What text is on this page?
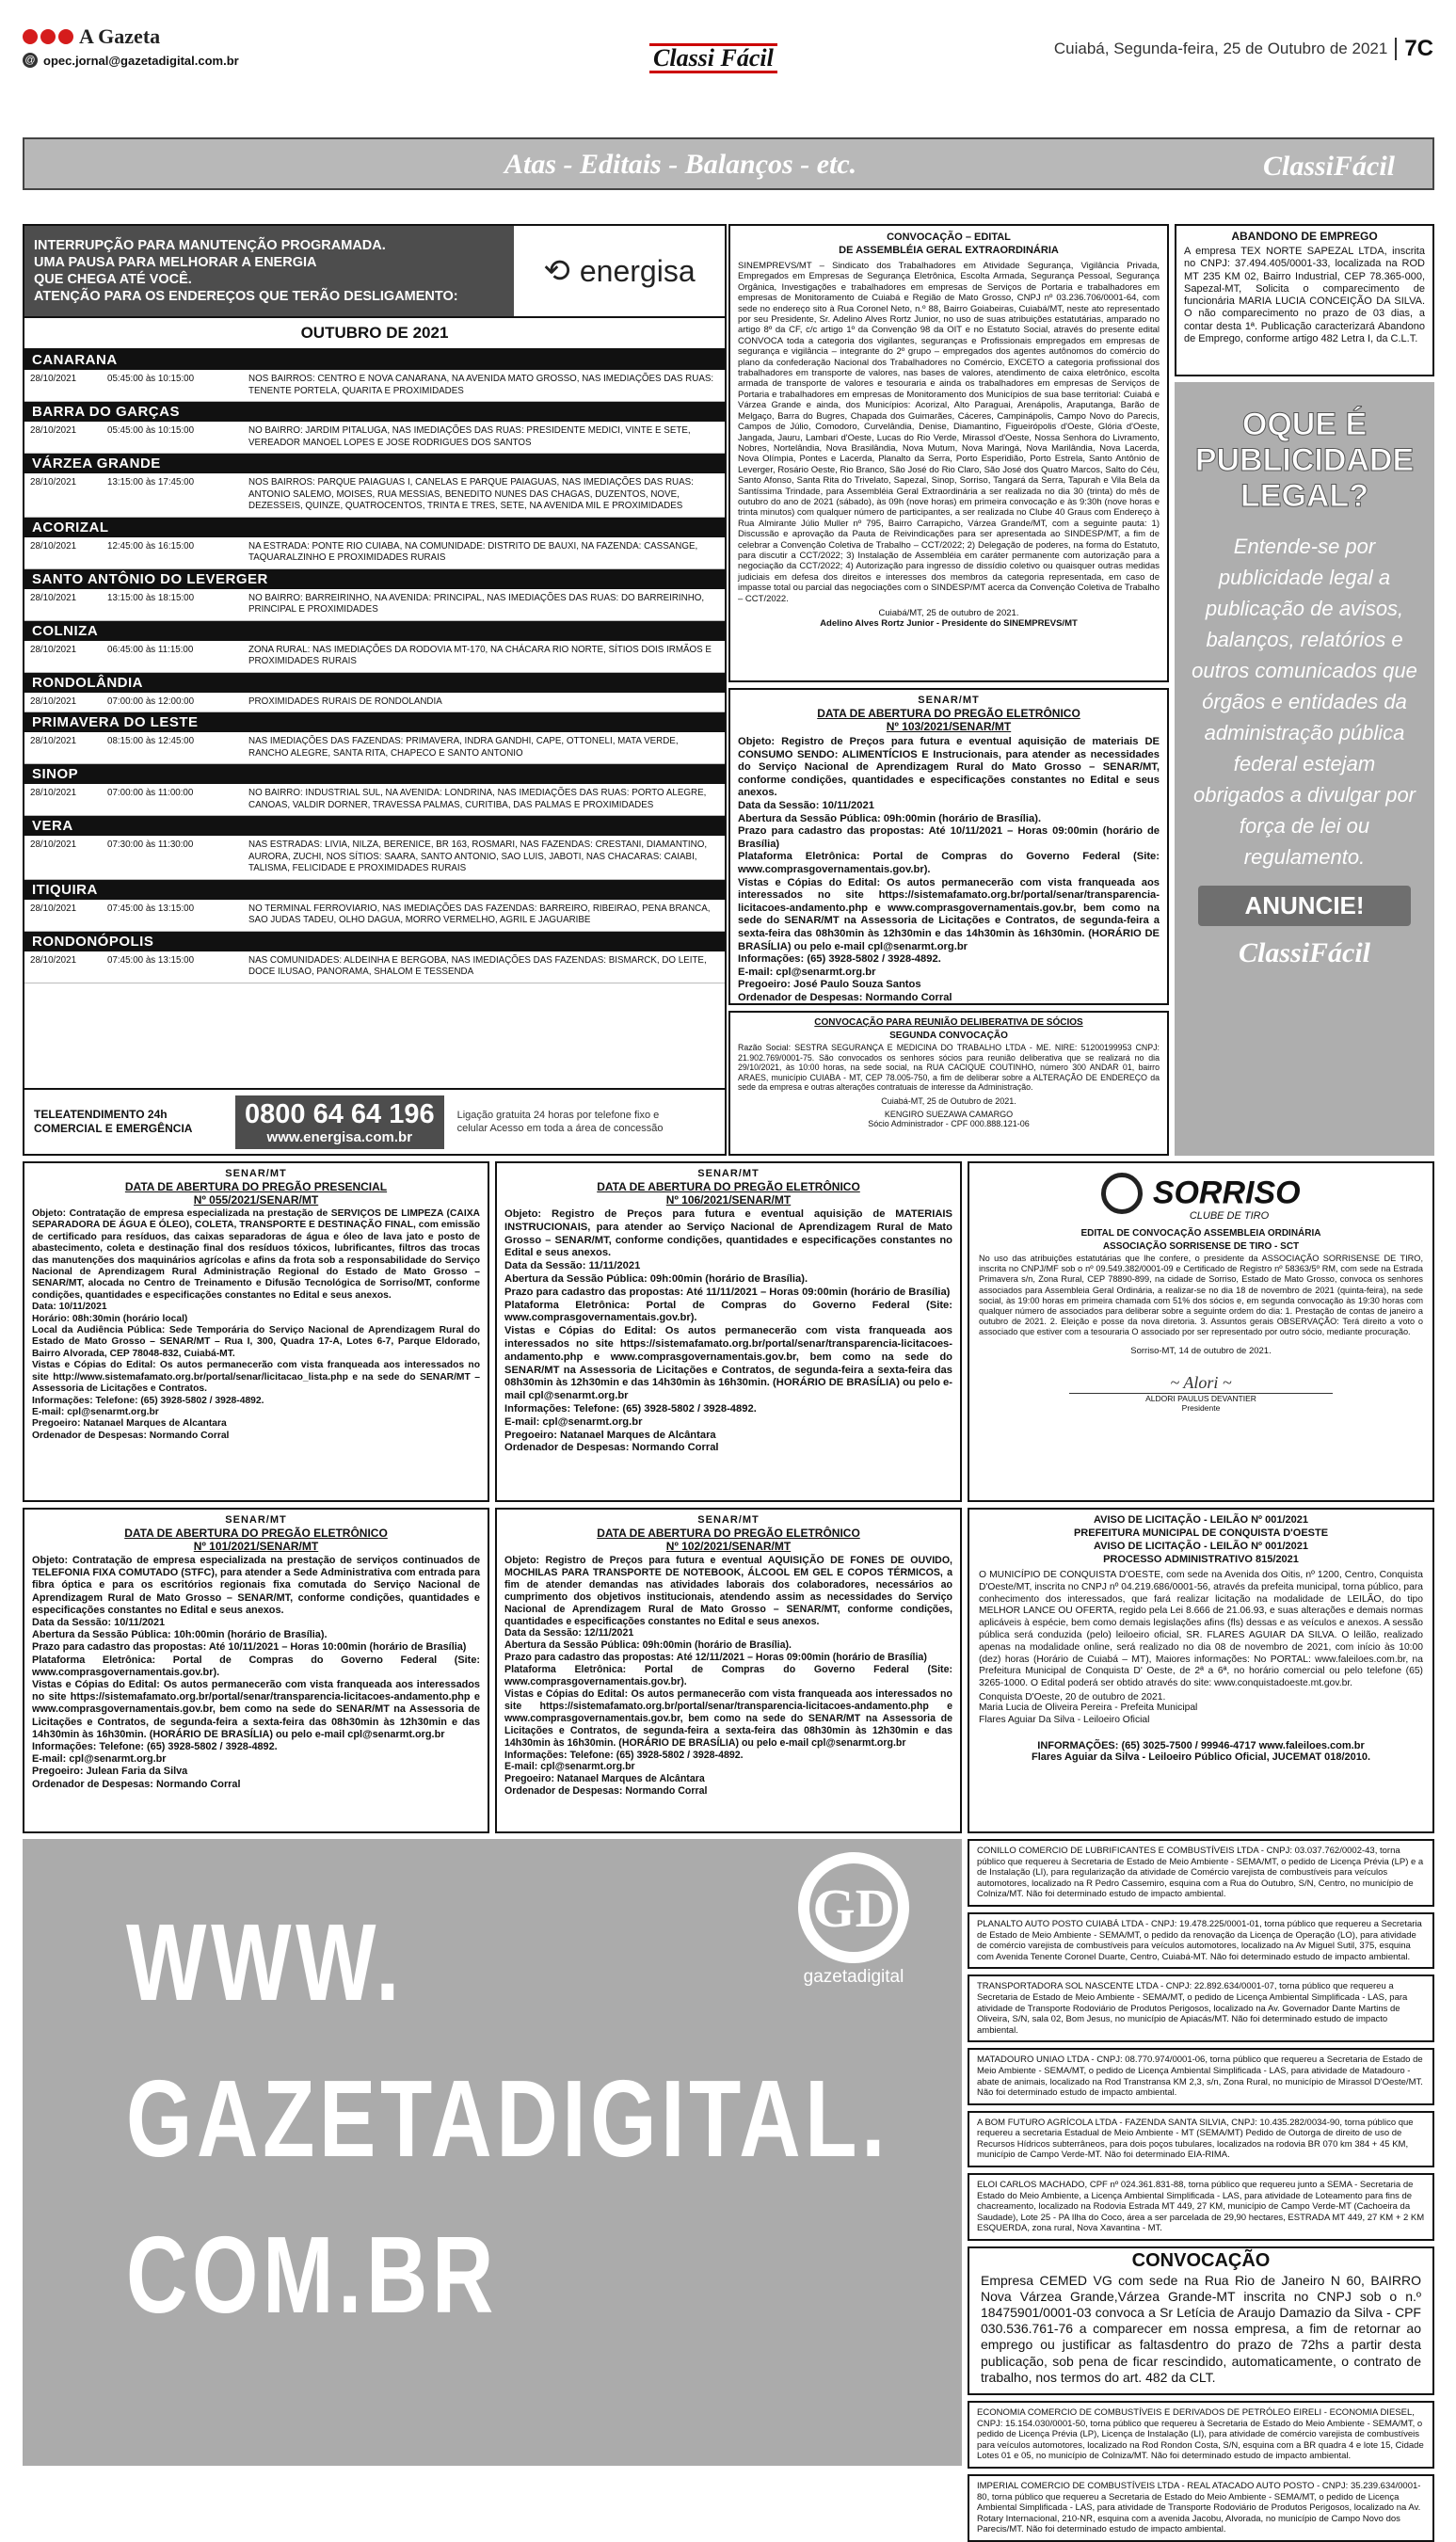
A Gazeta
@ opec.jornal@gazetadigital.com.br	Classi Fácil	Cuiabá, Segunda-feira, 25 de Outubro de 2021 7C
Atas - Editais - Balanços - etc.	ClassiFácil
INTERRUPÇÃO PARA MANUTENÇÃO PROGRAMADA.
UMA PAUSA PARA MELHORAR A ENERGIA
QUE CHEGA ATÉ VOCÊ.
ATENÇÃO PARA OS ENDEREÇOS QUE TERÃO DESLIGAMENTO:
⟲ energisa
OUTUBRO DE 2021
CANARANA
28/10/2021	05:45:00 às 10:15:00	NOS BAIRROS: CENTRO E NOVA CANARANA, NA AVENIDA MATO GROSSO, NAS IMEDIAÇÕES DAS RUAS: TENENTE PORTELA, QUARITA E PROXIMIDADES
BARRA DO GARÇAS
28/10/2021	05:45:00 às 10:15:00	NO BAIRRO: JARDIM PITALUGA, NAS IMEDIAÇÕES DAS RUAS: PRESIDENTE MEDICI, VINTE E SETE, VEREADOR MANOEL LOPES E JOSE RODRIGUES DOS SANTOS
VÁRZEA GRANDE
28/10/2021	13:15:00 às 17:45:00	NOS BAIRROS: PARQUE PAIAGUAS I, CANELAS E PARQUE PAIAGUAS, NAS IMEDIAÇÕES DAS RUAS: ANTONIO SALEMO, MOISES, RUA MESSIAS, BENEDITO NUNES DAS CHAGAS, DUZENTOS, NOVE, DEZESSEIS, QUINZE, QUATROCENTOS, TRINTA E TRES, SETE, NA AVENIDA MIL E PROXIMIDADES
ACORIZAL
28/10/2021	12:45:00 às 16:15:00	NA ESTRADA: PONTE RIO CUIABA, NA COMUNIDADE: DISTRITO DE BAUXI, NA FAZENDA: CASSANGE, TAQUARALZINHO E PROXIMIDADES RURAIS
SANTO ANTÔNIO DO LEVERGER
28/10/2021	13:15:00 às 18:15:00	NO BAIRRO: BARREIRINHO, NA AVENIDA: PRINCIPAL, NAS IMEDIAÇÕES DAS RUAS: DO BARREIRINHO, PRINCIPAL E PROXIMIDADES
COLNIZA
28/10/2021	06:45:00 às 11:15:00	ZONA RURAL: NAS IMEDIAÇÕES DA RODOVIA MT-170, NA CHÁCARA RIO NORTE, SÍTIOS DOIS IRMÃOS E PROXIMIDADES RURAIS
RONDOLÂNDIA
28/10/2021	07:00:00 às 12:00:00	PROXIMIDADES RURAIS DE RONDOLANDIA
PRIMAVERA DO LESTE
28/10/2021	08:15:00 às 12:45:00	NAS IMEDIAÇÕES DAS FAZENDAS: PRIMAVERA, INDRA GANDHI, CAPE, OTTONELI, MATA VERDE, RANCHO ALEGRE, SANTA RITA, CHAPECO E SANTO ANTONIO
SINOP
28/10/2021	07:00:00 às 11:00:00	NO BAIRRO: INDUSTRIAL SUL, NA AVENIDA: LONDRINA, NAS IMEDIAÇÕES DAS RUAS: PORTO ALEGRE, CANOAS, VALDIR DORNER, TRAVESSA PALMAS, CURITIBA, DAS PALMAS E PROXIMIDADES
VERA
28/10/2021	07:30:00 às 11:30:00	NAS ESTRADAS: LIVIA, NILZA, BERENICE, BR 163, ROSMARI, NAS FAZENDAS: CRESTANI, DIAMANTINO, AURORA, ZUCHI, NOS SÍTIOS: SAARA, SANTO ANTONIO, SAO LUIS, JABOTI, NAS CHACARAS: CAIABI, TALISMA, FELICIDADE E PROXIMIDADES RURAIS
ITIQUIRA
28/10/2021	07:45:00 às 13:15:00	NO TERMINAL FERROVIARIO, NAS IMEDIAÇÕES DAS FAZENDAS: BARREIRO, RIBEIRAO, PENA BRANCA, SAO JUDAS TADEU, OLHO DAGUA, MORRO VERMELHO, AGRIL E JAGUARIBE
RONDONÓPOLIS
28/10/2021	07:45:00 às 13:15:00	NAS COMUNIDADES: ALDEINHA E BERGOBA, NAS IMEDIAÇÕES DAS FAZENDAS: BISMARCK, DO LEITE, DOCE ILUSAO, PANORAMA, SHALOM E TESSENDA
TELEATENDIMENTO 24h COMERCIAL E EMERGÊNCIA	0800 64 64 196
www.energisa.com.br
Ligação gratuita 24 horas por telefone fixo e celular Acesso em toda a área de concessão
CONVOCAÇÃO – EDITAL
DE ASSEMBLÉIA GERAL EXTRAORDINÁRIA

SINEMPREVS/MT – Sindicato dos Trabalhadores em Atividade Segurança, Vigilância Privada, Empregados em Empresas de Segurança Eletrônica, Escolta Armada, Segurança Pessoal, Segurança Orgânica, Investigações e trabalhadores em empresas de Serviços de Portaria e trabalhadores em empresas de Monitoramento de Cuiabá e Região de Mato Grosso, CNPJ nº 03.236.706/0001-64, com sede no endereço sito à Rua Coronel Neto, n.º 88, Bairro Goiabeiras, Cuiabá/MT, neste ato representado por seu Presidente, Sr. Adelino Alves Rortz Junior, no uso de suas atribuições estatutárias, amparado no artigo 8º da CF, c/c artigo 1º da Convenção 98 da OIT e no Estatuto Social, através do presente edital CONVOCA toda a categoria dos vigilantes, seguranças e Profissionais empregados em empresas de segurança e vigilância – integrante do 2º grupo – empregados dos agentes autônomos do comércio do plano da confederação Nacional dos Trabalhadores no Comércio, EXCETO a categoria profissional dos trabalhadores em transporte de valores, nas bases de valores, atendimento de caixa eletrônico, escolta armada de transporte de valores e tesouraria e ainda os trabalhadores em empresas de Serviços de Portaria e trabalhadores em empresas de Monitoramento dos Municípios de sua base territorial: Cuiabá e Várzea Grande e ainda, dos Municípios: Acorizal, Alto Paraguai, Arenápolis, Araputanga, Barão de Melgaço, Barra do Bugres, Chapada dos Guimarães, Cáceres, Campinápolis, Campo Novo do Parecis, Campos de Júlio, Comodoro, Curvelândia, Denise, Diamantino, Figueirópolis d'Oeste, Glória d'Oeste, Jangada, Jauru, Lambari d'Oeste, Lucas do Rio Verde, Mirassol d'Oeste, Nossa Senhora do Livramento, Nobres, Nortelândia, Nova Brasilândia, Nova Mutum, Nova Maringá, Nova Marilândia, Nova Lacerda, Nova Olímpia, Pontes e Lacerda, Planalto da Serra, Porto Esperidião, Porto Estrela, Santo Antônio de Leverger, Rosário Oeste, Rio Branco, São José do Rio Claro, São José dos Quatro Marcos, Salto do Céu, Santo Afonso, Santa Rita do Trivelato, Sapezal, Sinop, Sorriso, Tangará da Serra, Tapurah e Vila Bela da Santíssima Trindade, para Assembléia Geral Extraordinária a ser realizada no dia 30 (trinta) do mês de outubro do ano de 2021 (sábado), às 09h (nove horas) em primeira convocação e às 9:30h (nove horas e trinta minutos) com qualquer número de participantes, a ser realizada no Clube 40 Graus com Endereço à Rua Almirante Júlio Muller nº 795, Bairro Carrapicho, Várzea Grande/MT, com a seguinte pauta: 1) Discussão e aprovação da Pauta de Reivindicações para ser apresentada ao SINDESP/MT, a fim de celebrar a Convenção Coletiva de Trabalho – CCT/2022; 2) Delegação de poderes, na forma do Estatuto, para discutir a CCT/2022; 3) Instalação de Assembléia em caráter permanente com autorização para a negociação da CCT/2022; 4) Autorização para ingresso de dissídio coletivo ou quaisquer outras medidas judiciais em defesa dos direitos e interesses dos membros da categoria representada, em caso de impasse total ou parcial das negociações com o SINDESP/MT acerca da Convenção Coletiva de Trabalho – CCT/2022.

Cuiabá/MT, 25 de outubro de 2021.

Adelino Alves Rortz Junior - Presidente do SINEMPREVS/MT

ABANDONO DE EMPREGO

A empresa TEX NORTE SAPEZAL LTDA, inscrita no CNPJ: 37.494.405/0001-33, localizada na ROD MT 235 KM 02, Bairro Industrial, CEP 78.365-000, Sapezal-MT, Solicita o comparecimento de funcionária MARIA LUCIA CONCEIÇÃO DA SILVA. O não comparecimento no prazo de 03 dias, a contar desta 1ª. Publicação caracterizará Abandono de Emprego, conforme artigo 482 Letra I, da C.L.T.

OQUE É
PUBLICIDADE
LEGAL?
Entende-se por publicidade legal a publicação de avisos, balanços, relatórios e outros comunicados que órgãos e entidades da administração pública federal estejam obrigados a divulgar por força de lei ou regulamento.
ANUNCIE!
ClassiFácil
SENAR/MT
DATA DE ABERTURA DO PREGÃO ELETRÔNICO
Nº 103/2021/SENAR/MT

Objeto: Registro de Preços para futura e eventual aquisição de materiais DE CONSUMO SENDO: ALIMENTÍCIOS E Instrucionais, para atender as necessidades do Serviço Nacional de Aprendizagem Rural do Mato Grosso – SENAR/MT, conforme condições, quantidades e especificações constantes no Edital e seus anexos.

Data da Sessão: 10/11/2021

Abertura da Sessão Pública: 09h:00min (horário de Brasília).

Prazo para cadastro das propostas: Até 10/11/2021 – Horas 09:00min (horário de Brasília)

Plataforma Eletrônica: Portal de Compras do Governo Federal (Site: www.comprasgovernamentais.gov.br).

Vistas e Cópias do Edital: Os autos permanecerão com vista franqueada aos interessados no site https://sistemafamato.org.br/portal/senar/transparencia-licitacoes-andamento.php e www.comprasgovernamentais.gov.br, bem como na sede do SENAR/MT na Assessoria de Licitações e Contratos, de segunda-feira a sexta-feira das 08h30min às 12h30min e das 14h30min às 16h30min. (HORÁRIO DE BRASÍLIA) ou pelo e-mail cpl@senarmt.org.br

Informações: (65) 3928-5802 / 3928-4892.

E-mail: cpl@senarmt.org.br

Pregoeiro: José Paulo Souza Santos

Ordenador de Despesas: Normando Corral

CONVOCAÇÃO PARA REUNIÃO DELIBERATIVA DE SÓCIOS
SEGUNDA CONVOCAÇÃO

Razão Social: SESTRA SEGURANÇA E MEDICINA DO TRABALHO LTDA - ME. NIRE: 51200199953 CNPJ: 21.902.769/0001-75. São convocados os senhores sócios para reunião deliberativa que se realizará no dia 29/10/2021, às 10:00 horas, na sede social, na RUA CACIQUE COUTINHO, número 300 ANDAR 01, bairro ARAES, município CUIABA - MT, CEP 78.005-750, a fim de deliberar sobre a ALTERAÇÃO DE ENDEREÇO da sede da empresa e outras alterações contratuais de interesse da Administração.

Cuiabá-MT, 25 de Outubro de 2021.

KENGIRO SUEZAWA CAMARGO

Sócio Administrador - CPF 000.888.121-06

SENAR/MT
DATA DE ABERTURA DO PREGÃO PRESENCIAL
Nº 055/2021/SENAR/MT

Objeto: Contratação de empresa especializada na prestação de SERVIÇOS DE LIMPEZA (CAIXA SEPARADORA DE ÁGUA E ÓLEO), COLETA, TRANSPORTE E DESTINAÇÃO FINAL, com emissão de certificado para resíduos, das caixas separadoras de água e óleo de lava jato e posto de abastecimento, coleta e destinação final dos resíduos tóxicos, lubrificantes, filtros das trocas das manutenções dos maquinários agrícolas e afins da frota sob a responsabilidade do Serviço Nacional de Aprendizagem Rural Administração Regional do Estado de Mato Grosso – SENAR/MT, alocada no Centro de Treinamento e Difusão Tecnológica de Sorriso/MT, conforme condições, quantidades e especificações constantes no Edital e seus anexos.

Data: 10/11/2021

Horário: 08h:30min (horário local)

Local da Audiência Pública: Sede Temporária do Serviço Nacional de Aprendizagem Rural do Estado de Mato Grosso – SENAR/MT – Rua I, 300, Quadra 17-A, Lotes 6-7, Parque Eldorado, Bairro Alvorada, CEP 78048-832, Cuiabá-MT.

Vistas e Cópias do Edital: Os autos permanecerão com vista franqueada aos interessados no site http://www.sistemafamato.org.br/portal/senar/licitacao_lista.php e na sede do SENAR/MT – Assessoria de Licitações e Contratos.

Informações: Telefone: (65) 3928-5802 / 3928-4892.

E-mail: cpl@senarmt.org.br

Pregoeiro: Natanael Marques de Alcantara

Ordenador de Despesas: Normando Corral

SENAR/MT
DATA DE ABERTURA DO PREGÃO ELETRÔNICO
Nº 106/2021/SENAR/MT

Objeto: Registro de Preços para futura e eventual aquisição de MATERIAIS INSTRUCIONAIS, para atender ao Serviço Nacional de Aprendizagem Rural de Mato Grosso – SENAR/MT, conforme condições, quantidades e especificações constantes no Edital e seus anexos.

Data da Sessão: 11/11/2021

Abertura da Sessão Pública: 09h:00min (horário de Brasília).

Prazo para cadastro das propostas: Até 11/11/2021 – Horas 09:00min (horário de Brasília)

Plataforma Eletrônica: Portal de Compras do Governo Federal (Site: www.comprasgovernamentais.gov.br).

Vistas e Cópias do Edital: Os autos permanecerão com vista franqueada aos interessados no site https://sistemafamato.org.br/portal/senar/transparencia-licitacoes-andamento.php e www.comprasgovernamentais.gov.br, bem como na sede do SENAR/MT na Assessoria de Licitações e Contratos, de segunda-feira a sexta-feira das 08h30min às 12h30min e das 14h30min às 16h30min. (HORÁRIO DE BRASÍLIA) ou pelo e-mail cpl@senarmt.org.br

Informações: Telefone: (65) 3928-5802 / 3928-4892.

E-mail: cpl@senarmt.org.br

Pregoeiro: Natanael Marques de Alcântara

Ordenador de Despesas: Normando Corral

SORRISO
CLUBE DE TIRO
EDITAL DE CONVOCAÇÃO ASSEMBLEIA ORDINÁRIA
ASSOCIAÇÃO SORRISENSE DE TIRO - SCT

No uso das atribuições estatutárias que lhe confere, o presidente da ASSOCIAÇÃO SORRISENSE DE TIRO, inscrita no CNPJ/MF sob o nº 09.549.382/0001-09 e Certificado de Registro nº 58363/5º RM, com sede na Estrada Primavera s/n, Zona Rural, CEP 78890-899, na cidade de Sorriso, Estado de Mato Grosso, convoca os senhores associados para Assembleia Geral Ordinária, a realizar-se no dia 18 de novembro de 2021 (quinta-feira), na sede social, às 19:00 horas em primeira chamada com 51% dos sócios e, em segunda convocação às 19:30 horas com qualquer número de associados para deliberar sobre a seguinte ordem do dia: 1. Prestação de contas de janeiro a outubro de 2021. 2. Eleição e posse da nova diretoria. 3. Assuntos gerais OBSERVAÇÃO: Terá direito a voto o associado que estiver com a tesouraria O associado por ser representado por outro sócio, mediante procuração.

Sorriso-MT, 14 de outubro de 2021.

~ Alori ~

ALDORI PAULUS DEVANTIER

Presidente

SENAR/MT
DATA DE ABERTURA DO PREGÃO ELETRÔNICO
Nº 101/2021/SENAR/MT

Objeto: Contratação de empresa especializada na prestação de serviços continuados de TELEFONIA FIXA COMUTADO (STFC), para atender a Sede Administrativa com entrada para fibra óptica e para os escritórios regionais fixa comutada do Serviço Nacional de Aprendizagem Rural de Mato Grosso – SENAR/MT, conforme condições, quantidades e especificações constantes no Edital e seus anexos.

Data da Sessão: 10/11/2021

Abertura da Sessão Pública: 10h:00min (horário de Brasília).

Prazo para cadastro das propostas: Até 10/11/2021 – Horas 10:00min (horário de Brasília)

Plataforma Eletrônica: Portal de Compras do Governo Federal (Site: www.comprasgovernamentais.gov.br).

Vistas e Cópias do Edital: Os autos permanecerão com vista franqueada aos interessados no site https://sistemafamato.org.br/portal/senar/transparencia-licitacoes-andamento.php e www.comprasgovernamentais.gov.br, bem como na sede do SENAR/MT na Assessoria de Licitações e Contratos, de segunda-feira a sexta-feira das 08h30min às 12h30min e das 14h30min às 16h30min. (HORÁRIO DE BRASÍLIA) ou pelo e-mail cpl@senarmt.org.br

Informações: Telefone: (65) 3928-5802 / 3928-4892.

E-mail: cpl@senarmt.org.br

Pregoeiro: Julean Faria da Silva

Ordenador de Despesas: Normando Corral

SENAR/MT
DATA DE ABERTURA DO PREGÃO ELETRÔNICO
Nº 102/2021/SENAR/MT

Objeto: Registro de Preços para futura e eventual AQUISIÇÃO DE FONES DE OUVIDO, MOCHILAS PARA TRANSPORTE DE NOTEBOOK, ÁLCOOL EM GEL E COPOS TÉRMICOS, a fim de atender demandas nas atividades laborais dos colaboradores, necessários ao cumprimento dos objetivos institucionais, atendendo assim as necessidades do Serviço Nacional de Aprendizagem Rural de Mato Grosso – SENAR/MT, conforme condições, quantidades e especificações constantes no Edital e seus anexos.

Data da Sessão: 12/11/2021

Abertura da Sessão Pública: 09h:00min (horário de Brasília).

Prazo para cadastro das propostas: Até 12/11/2021 – Horas 09:00min (horário de Brasília)

Plataforma Eletrônica: Portal de Compras do Governo Federal (Site: www.comprasgovernamentais.gov.br).

Vistas e Cópias do Edital: Os autos permanecerão com vista franqueada aos interessados no site https://sistemafamato.org.br/portal/senar/transparencia-licitacoes-andamento.php e www.comprasgovernamentais.gov.br, bem como na sede do SENAR/MT na Assessoria de Licitações e Contratos, de segunda-feira a sexta-feira das 08h30min às 12h30min e das 14h30min às 16h30min. (HORÁRIO DE BRASÍLIA) ou pelo e-mail cpl@senarmt.org.br

Informações: Telefone: (65) 3928-5802 / 3928-4892.

E-mail: cpl@senarmt.org.br

Pregoeiro: Natanael Marques de Alcântara

Ordenador de Despesas: Normando Corral

AVISO DE LICITAÇÃO - LEILÃO Nº 001/2021
PREFEITURA MUNICIPAL DE CONQUISTA D'OESTE
AVISO DE LICITAÇÃO - LEILÃO Nº 001/2021
PROCESSO ADMINISTRATIVO 815/2021

O MUNICÍPIO DE CONQUISTA D'OESTE, com sede na Avenida dos Oitis, nº 1200, Centro, Conquista D'Oeste/MT, inscrita no CNPJ nº 04.219.686/0001-56, através da prefeita municipal, torna público, para conhecimento dos interessados, que fará realizar licitação na modalidade de LEILÃO, do tipo MELHOR LANCE OU OFERTA, regido pela Lei 8.666 de 21.06.93, e suas alterações e demais normas aplicáveis à espécie, bem como demais legislações afins (fls) dessas e as veículos e anexos. A sessão pública será conduzida (pelo) leiloeiro oficial, SR. FLARES AGUIAR DA SILVA. O leilão, realizado apenas na modalidade online, será realizado no dia 08 de novembro de 2021, com início às 10:00 (dez) horas (Horário de Cuiabá – MT), Maiores informações: No PORTAL: www.faleiloes.com.br, na Prefeitura Municipal de Conquista D' Oeste, de 2ª a 6ª, no horário comercial ou pelo telefone (65) 3265-1000. O Edital poderá ser obtido através do site: www.conquistadoeste.mt.gov.br.

Conquista D'Oeste, 20 de outubro de 2021.

Maria Lucia de Oliveira Pereira - Prefeita Municipal
Flares Aguiar Da Silva - Leiloeiro Oficial

INFORMAÇÕES: (65) 3025-7500 / 99946-4717 www.faleiloes.com.br

Flares Aguiar da Silva - Leiloeiro Público Oficial, JUCEMAT 018/2010.

GD
gazetadigital
WWW.
GAZETADIGITAL.
COM.BR
CONILLO COMERCIO DE LUBRIFICANTES E COMBUSTÍVEIS LTDA - CNPJ: 03.037.762/0002-43, torna público que requereu à Secretaria de Estado de Meio Ambiente - SEMA/MT, o pedido de Licença Prévia (LP) e a de Instalação (LI), para regularização da atividade de Comércio varejista de combustíveis para veículos automotores, localizado na R Pedro Cassemiro, esquina com a Rua do Outubro, S/N, Centro, no município de Colniza/MT. Não foi determinado estudo de impacto ambiental.
PLANALTO AUTO POSTO CUIABÁ LTDA - CNPJ: 19.478.225/0001-01, torna público que requereu a Secretaria de Estado de Meio Ambiente - SEMA/MT, o pedido da renovação da Licença de Operação (LO), para atividade de comércio varejista de combustíveis para veículos automotores, localizado na Av Miguel Sutil, 375, esquina com Avenida Tenente Coronel Duarte, Centro, Cuiabá-MT. Não foi determinado estudo de impacto ambiental.
TRANSPORTADORA SOL NASCENTE LTDA - CNPJ: 22.892.634/0001-07, torna público que requereu a Secretaria de Estado de Meio Ambiente - SEMA/MT, o pedido de Licença Ambiental Simplificada - LAS, para atividade de Transporte Rodoviário de Produtos Perigosos, localizado na Av. Governador Dante Martins de Oliveira, S/N, sala 02, Bom Jesus, no município de Apiacás/MT. Não foi determinado estudo de impacto ambiental.
MATADOURO UNIAO LTDA - CNPJ: 08.770.974/0001-06, torna público que requereu a Secretaria de Estado de Meio Ambiente - SEMA/MT, o pedido de Licença Ambiental Simplificada - LAS, para atividade de Matadouro - abate de animais, localizado na Rod Transtransa KM 2,3, s/n, Zona Rural, no município de Mirassol D'Oeste/MT. Não foi determinado estudo de impacto ambiental.
A BOM FUTURO AGRÍCOLA LTDA - FAZENDA SANTA SILVIA, CNPJ: 10.435.282/0034-90, torna público que requereu a secretaria Estadual de Meio Ambiente - MT (SEMA/MT) Pedido de Outorga de direito de uso de Recursos Hídricos subterrâneos, para dois poços tubulares, localizados na rodovia BR 070 km 384 + 45 KM, município de Campo Verde-MT. Não foi determinado EIA-RIMA.
ELOI CARLOS MACHADO, CPF nº 024.361.831-88, torna público que requereu junto a SEMA - Secretaria de Estado do Meio Ambiente, a Licença Ambiental Simplificada - LAS, para atividade de Loteamento para fins de chacreamento, localizado na Rodovia Estrada MT 449, 27 KM, município de Campo Verde-MT (Cachoeira da Saudade), Lote 25 - PA Ilha do Coco, área a ser parcelada de 29,90 hectares, ESTRADA MT 449, 27 KM + 2 KM ESQUERDA, zona rural, Nova Xavantina - MT.
CONVOCAÇÃO

Empresa CEMED VG com sede na Rua Rio de Janeiro N 60, BAIRRO Nova Várzea Grande,Várzea Grande-MT inscrita no CNPJ sob o n.º 18475901/0001-03 convoca a Sr Letícia de Araujo Damazio da Silva - CPF 030.536.761-76 a comparecer em nossa empresa, a fim de retornar ao emprego ou justificar as faltasdentro do prazo de 72hs a partir desta publicação, sob pena de ficar rescindido, automaticamente, o contrato de trabalho, nos termos do art. 482 da CLT.

ECONOMIA COMERCIO DE COMBUSTÍVEIS E DERIVADOS DE PETRÓLEO EIRELI - ECONOMIA DIESEL, CNPJ: 15.154.030/0001-50, torna público que requereu à Secretaria de Estado do Meio Ambiente - SEMA/MT, o pedido de Licença Prévia (LP), Licença de Instalação (LI), para atividade de comércio varejista de combustíveis para veículos automotores, localizado na Rod Rondon Costa, S/N, esquina com a BR quadra 4 e lote 15, Cidade Lotes 01 e 05, no município de Colniza/MT. Não foi determinado estudo de impacto ambiental.
IMPERIAL COMERCIO DE COMBUSTÍVEIS LTDA - REAL ATACADO AUTO POSTO - CNPJ: 35.239.634/0001-80, torna público que requereu a Secretaria de Estado do Meio Ambiente - SEMA/MT, o pedido de Licença Ambiental Simplificada - LAS, para atividade de Transporte Rodoviário de Produtos Perigosos, localizado na Av. Rotary Internacional, 210-NR, esquina com a avenida Jacobu, Alvorada, no município de Campo Novo dos Parecis/MT. Não foi determinado estudo de impacto ambiental.
